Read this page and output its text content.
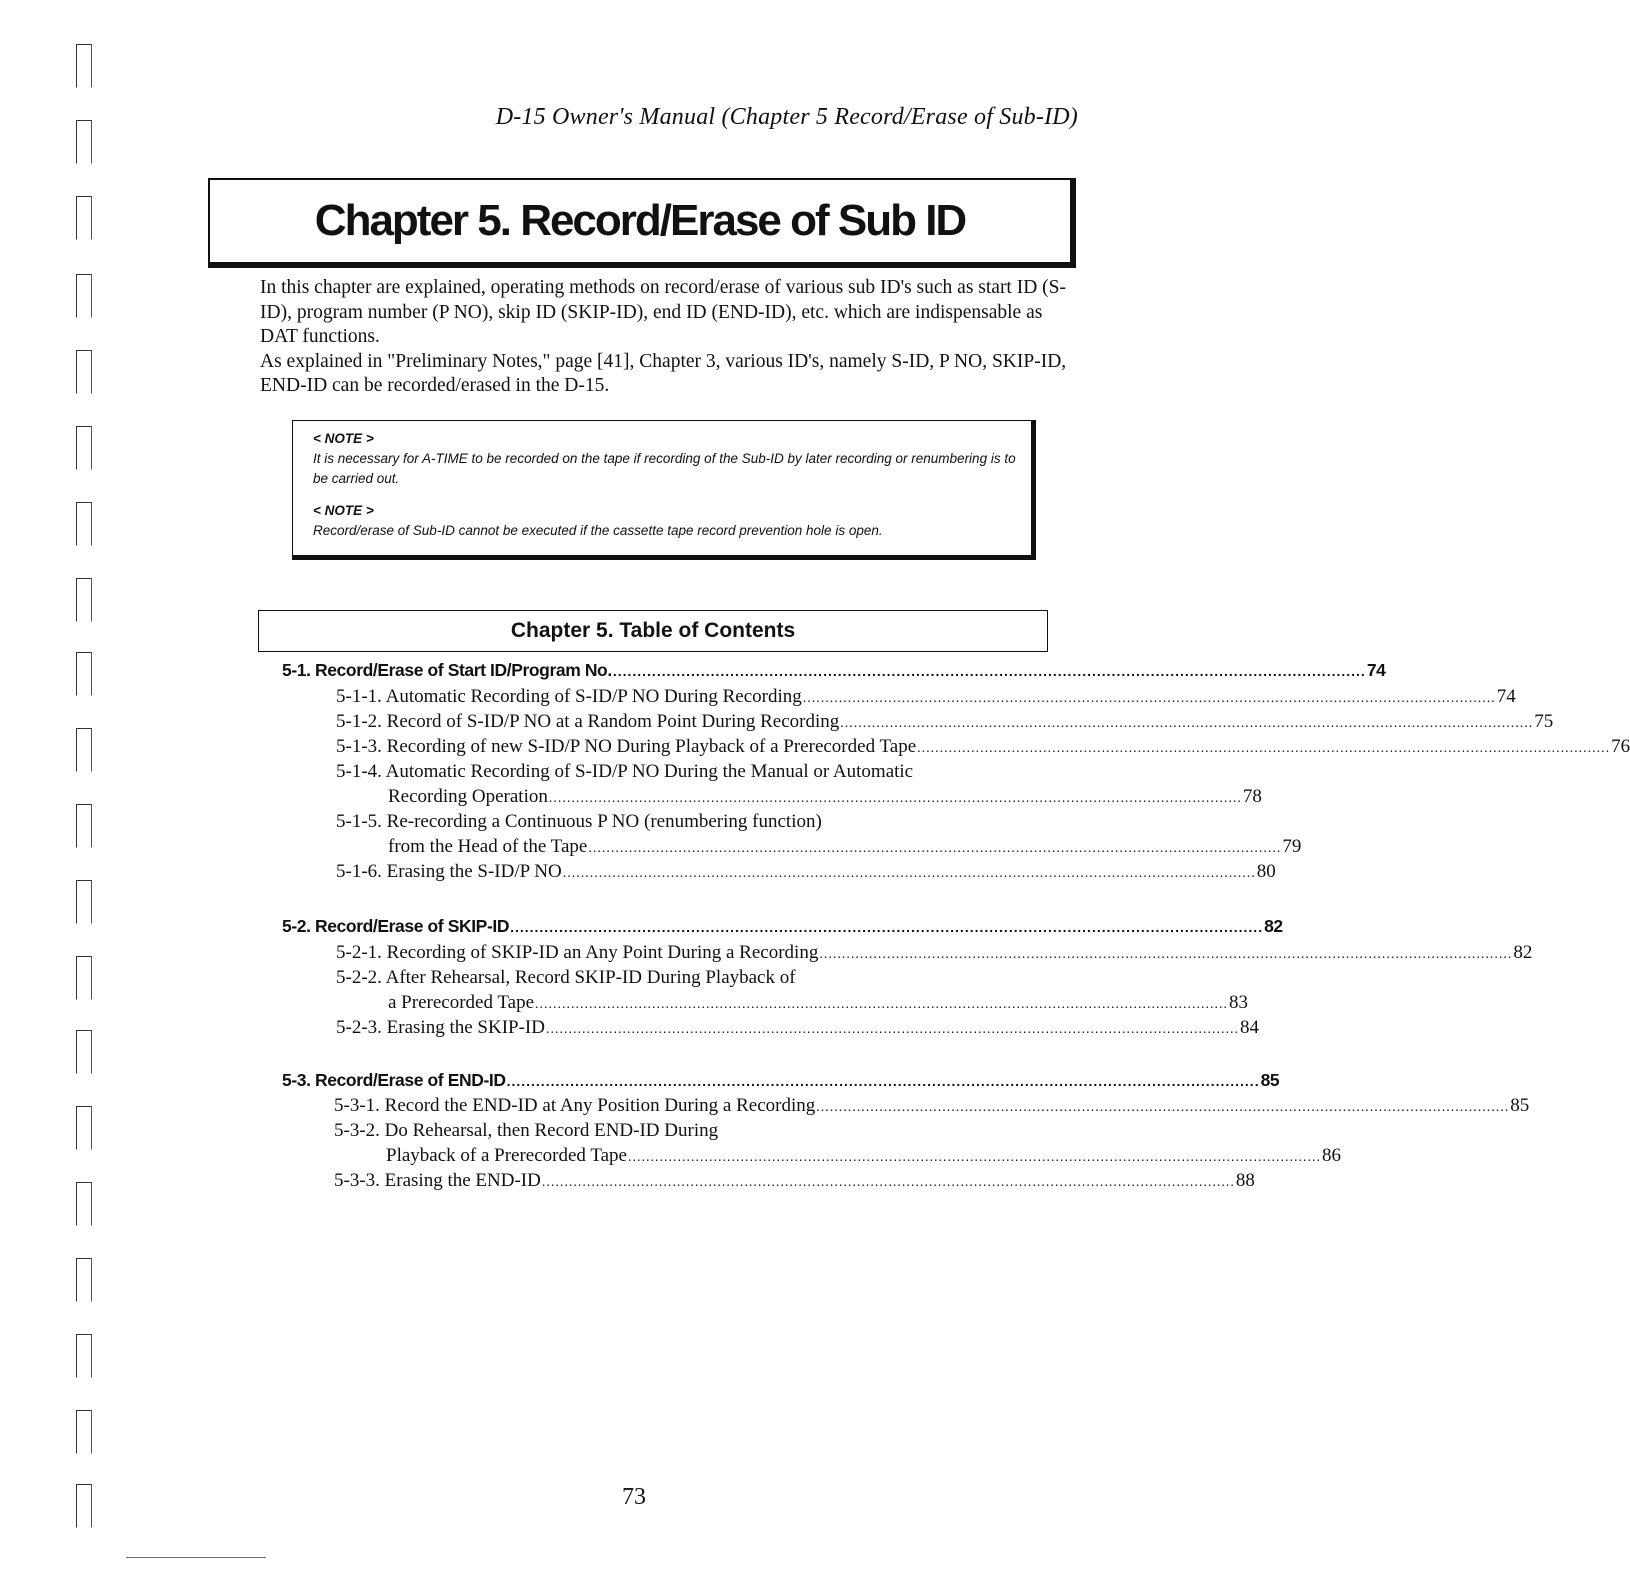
D-15 Owner's Manual (Chapter 5 Record/Erase of Sub-ID)
Chapter 5. Record/Erase of Sub ID

In this chapter are explained, operating methods on record/erase of various sub ID's such as start ID (S-ID), program number (P NO), skip ID (SKIP-ID), end ID (END-ID), etc. which are indispensable as DAT functions.

As explained in "Preliminary Notes," page [41], Chapter 3, various ID's, namely S-ID, P NO, SKIP-ID, END-ID can be recorded/erased in the D-15.

< NOTE >
It is necessary for A-TIME to be recorded on the tape if recording of the Sub-ID by later recording or renumbering is to be carried out.
< NOTE >
Record/erase of Sub-ID cannot be executed if the cassette tape record prevention hole is open.
Chapter 5. Table of Contents
5-1. Record/Erase of Start ID/Program No. .......................................................................................................................................................... 74
5-1-1. Automatic Recording of S-ID/P NO During Recording .......................................................................................................................................................... 74
5-1-2. Record of S-ID/P NO at a Random Point During Recording .......................................................................................................................................................... 75
5-1-3. Recording of new S-ID/P NO During Playback of a Prerecorded Tape .......................................................................................................................................................... 76
5-1-4. Automatic Recording of S-ID/P NO During the Manual or Automatic
Recording Operation .......................................................................................................................................................... 78
5-1-5. Re-recording a Continuous P NO (renumbering function)
from the Head of the Tape .......................................................................................................................................................... 79
5-1-6. Erasing the S-ID/P NO .......................................................................................................................................................... 80
5-2. Record/Erase of SKIP-ID .......................................................................................................................................................... 82
5-2-1. Recording of SKIP-ID an Any Point During a Recording .......................................................................................................................................................... 82
5-2-2. After Rehearsal, Record SKIP-ID During Playback of
a Prerecorded Tape .......................................................................................................................................................... 83
5-2-3. Erasing the SKIP-ID .......................................................................................................................................................... 84
5-3. Record/Erase of END-ID .......................................................................................................................................................... 85
5-3-1. Record the END-ID at Any Position During a Recording .......................................................................................................................................................... 85
5-3-2. Do Rehearsal, then Record END-ID During
Playback of a Prerecorded Tape .......................................................................................................................................................... 86
5-3-3. Erasing the END-ID .......................................................................................................................................................... 88
73
